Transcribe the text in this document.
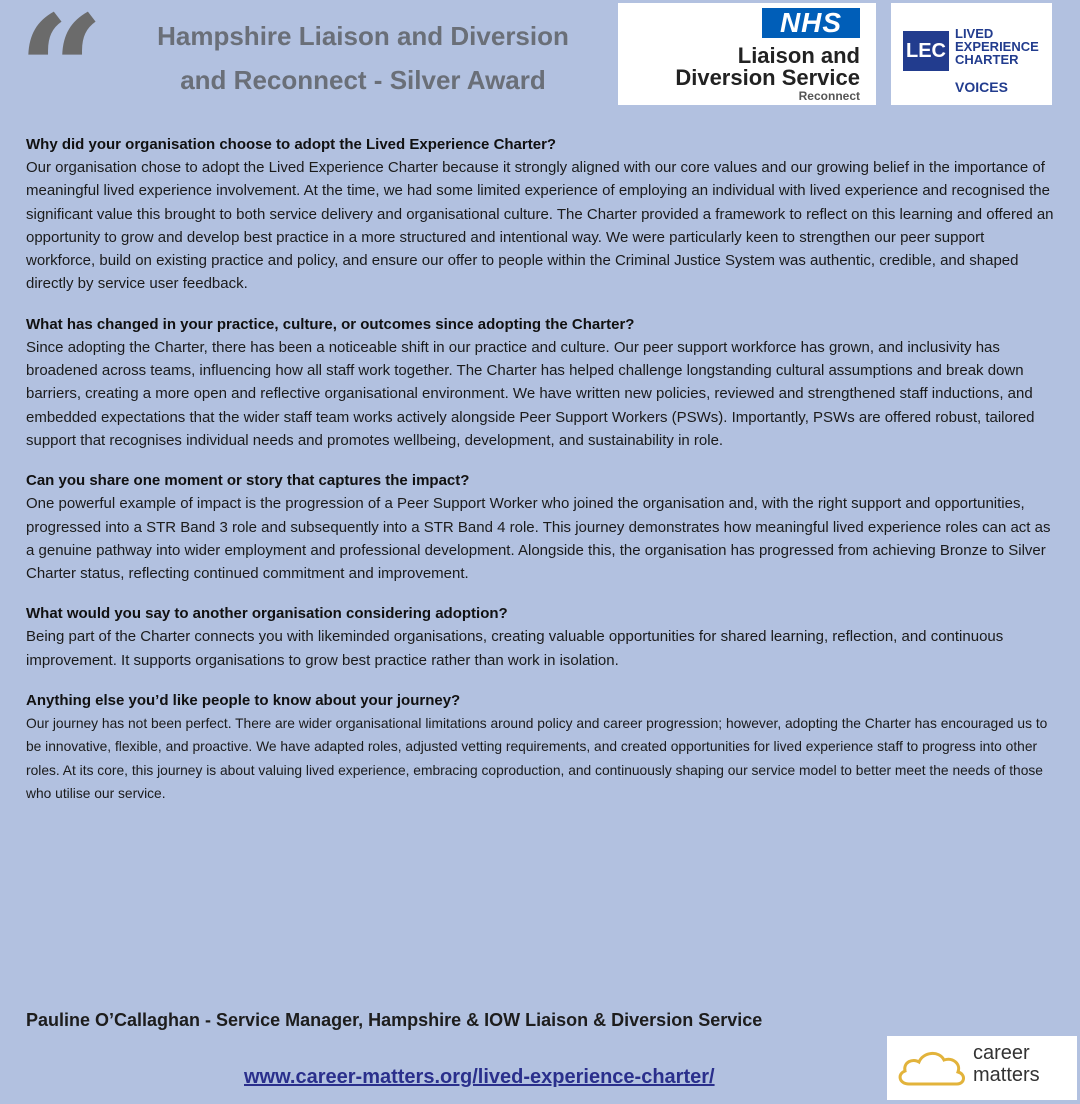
“	Hampshire Liaison and Diversion
and Reconnect - Silver Award
NHS
Liaison and
Diversion Service
Reconnect
LEC
LIVED
EXPERIENCE
CHARTER
VOICES
Why did your organisation choose to adopt the Lived Experience Charter?

Our organisation chose to adopt the Lived Experience Charter because it strongly aligned with our core values and our growing belief in the importance of meaningful lived experience involvement. At the time, we had some limited experience of employing an individual with lived experience and recognised the significant value this brought to both service delivery and organisational culture. The Charter provided a framework to reflect on this learning and offered an opportunity to grow and develop best practice in a more structured and intentional way. We were particularly keen to strengthen our peer support workforce, build on existing practice and policy, and ensure our offer to people within the Criminal Justice System was authentic, credible, and shaped directly by service user feedback.

What has changed in your practice, culture, or outcomes since adopting the Charter?

Since adopting the Charter, there has been a noticeable shift in our practice and culture. Our peer support workforce has grown, and inclusivity has broadened across teams, influencing how all staff work together. The Charter has helped challenge longstanding cultural assumptions and break down barriers, creating a more open and reflective organisational environment. We have written new policies, reviewed and strengthened staff inductions, and embedded expectations that the wider staff team works actively alongside Peer Support Workers (PSWs). Importantly, PSWs are offered robust, tailored support that recognises individual needs and promotes wellbeing, development, and sustainability in role.

Can you share one moment or story that captures the impact?

One powerful example of impact is the progression of a Peer Support Worker who joined the organisation and, with the right support and opportunities, progressed into a STR Band 3 role and subsequently into a STR Band 4 role. This journey demonstrates how meaningful lived experience roles can act as a genuine pathway into wider employment and professional development. Alongside this, the organisation has progressed from achieving Bronze to Silver Charter status, reflecting continued commitment and improvement.

What would you say to another organisation considering adoption?

Being part of the Charter connects you with likeminded organisations, creating valuable opportunities for shared learning, reflection, and continuous improvement. It supports organisations to grow best practice rather than work in isolation.

Anything else you’d like people to know about your journey?

Our journey has not been perfect. There are wider organisational limitations around policy and career progression; however, adopting the Charter has encouraged us to be innovative, flexible, and proactive. We have adapted roles, adjusted vetting requirements, and created opportunities for lived experience staff to progress into other roles. At its core, this journey is about valuing lived experience, embracing coproduction, and continuously shaping our service model to better meet the needs of those who utilise our service.

Pauline O’Callaghan - Service Manager, Hampshire & IOW Liaison & Diversion Service
www.career-matters.org/lived-experience-charter/
career
matters
